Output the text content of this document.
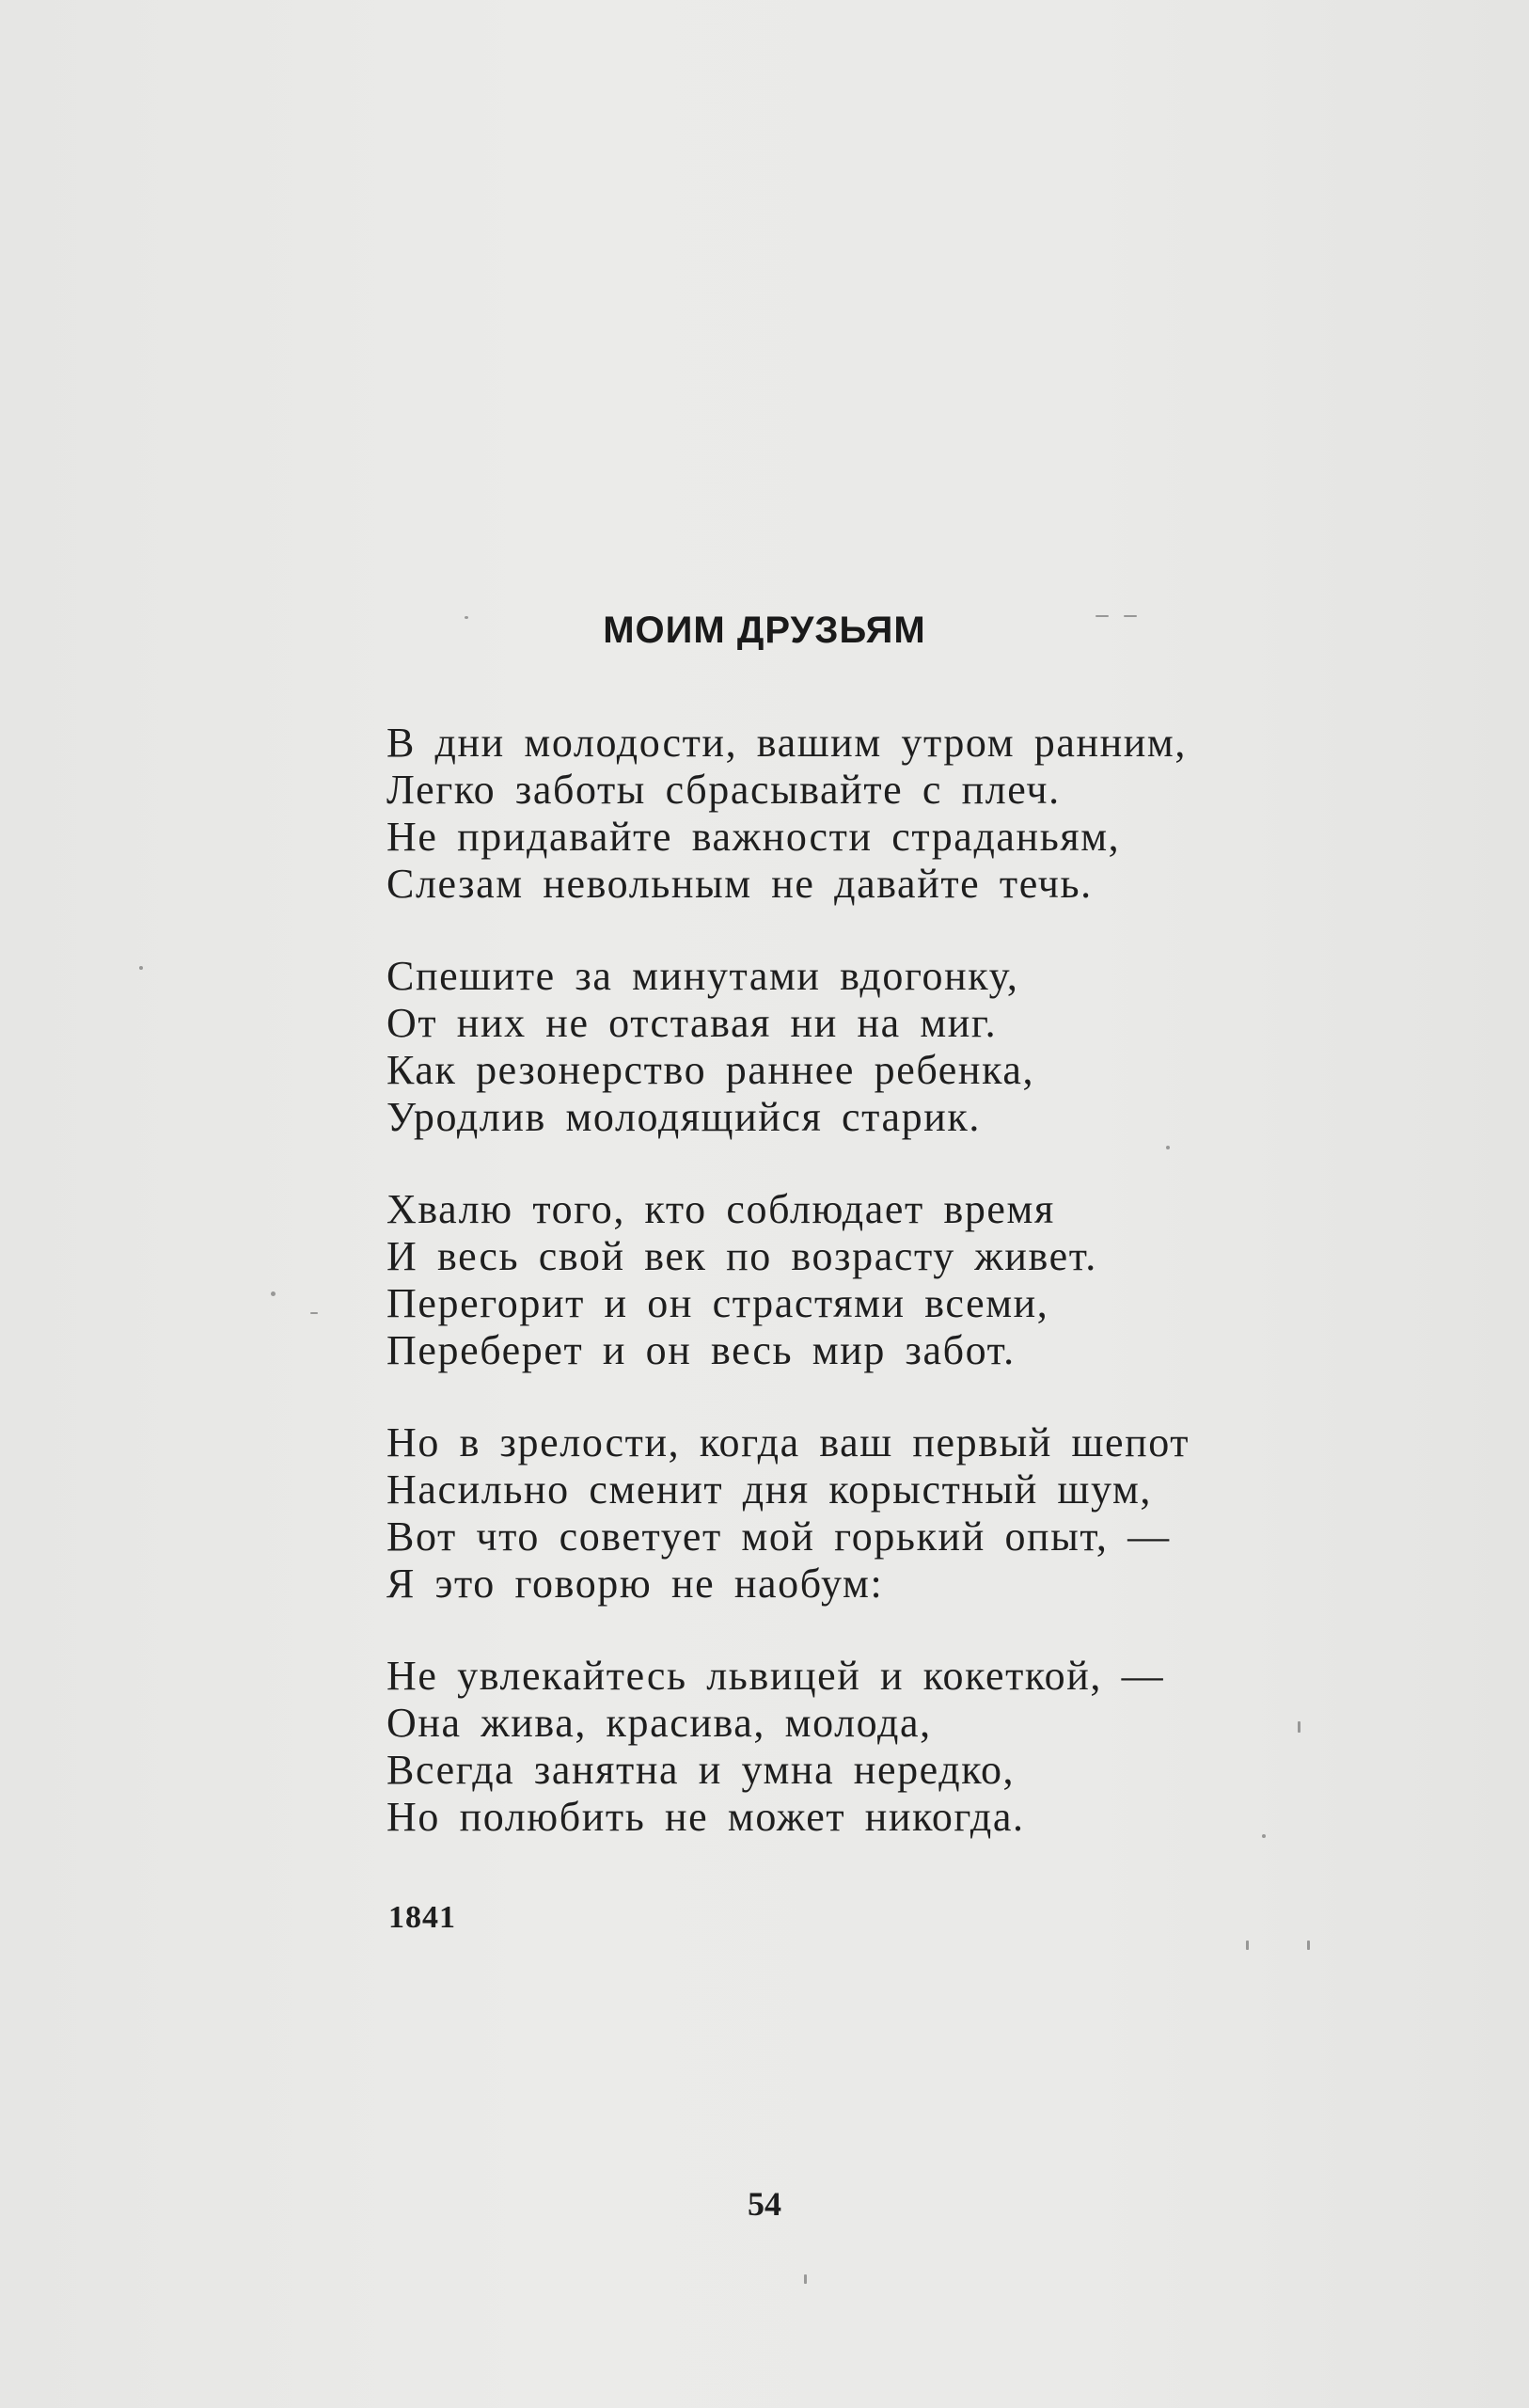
МОИМ ДРУЗЬЯМ
В дни молодости, вашим утром ранним,
Легко заботы сбрасывайте с плеч.
Не придавайте важности страданьям,
Слезам невольным не давайте течь.
Спешите за минутами вдогонку,
От них не отставая ни на миг.
Как резонерство раннее ребенка,
Уродлив молодящийся старик.
Хвалю того, кто соблюдает время
И весь свой век по возрасту живет.
Перегорит и он страстями всеми,
Переберет и он весь мир забот.
Но в зрелости, когда ваш первый шепот
Насильно сменит дня корыстный шум,
Вот что советует мой горький опыт, —
Я это говорю не наобум:
Не увлекайтесь львицей и кокеткой, —
Она жива, красива, молода,
Всегда занятна и умна нередко,
Но полюбить не может никогда.
1841
54
